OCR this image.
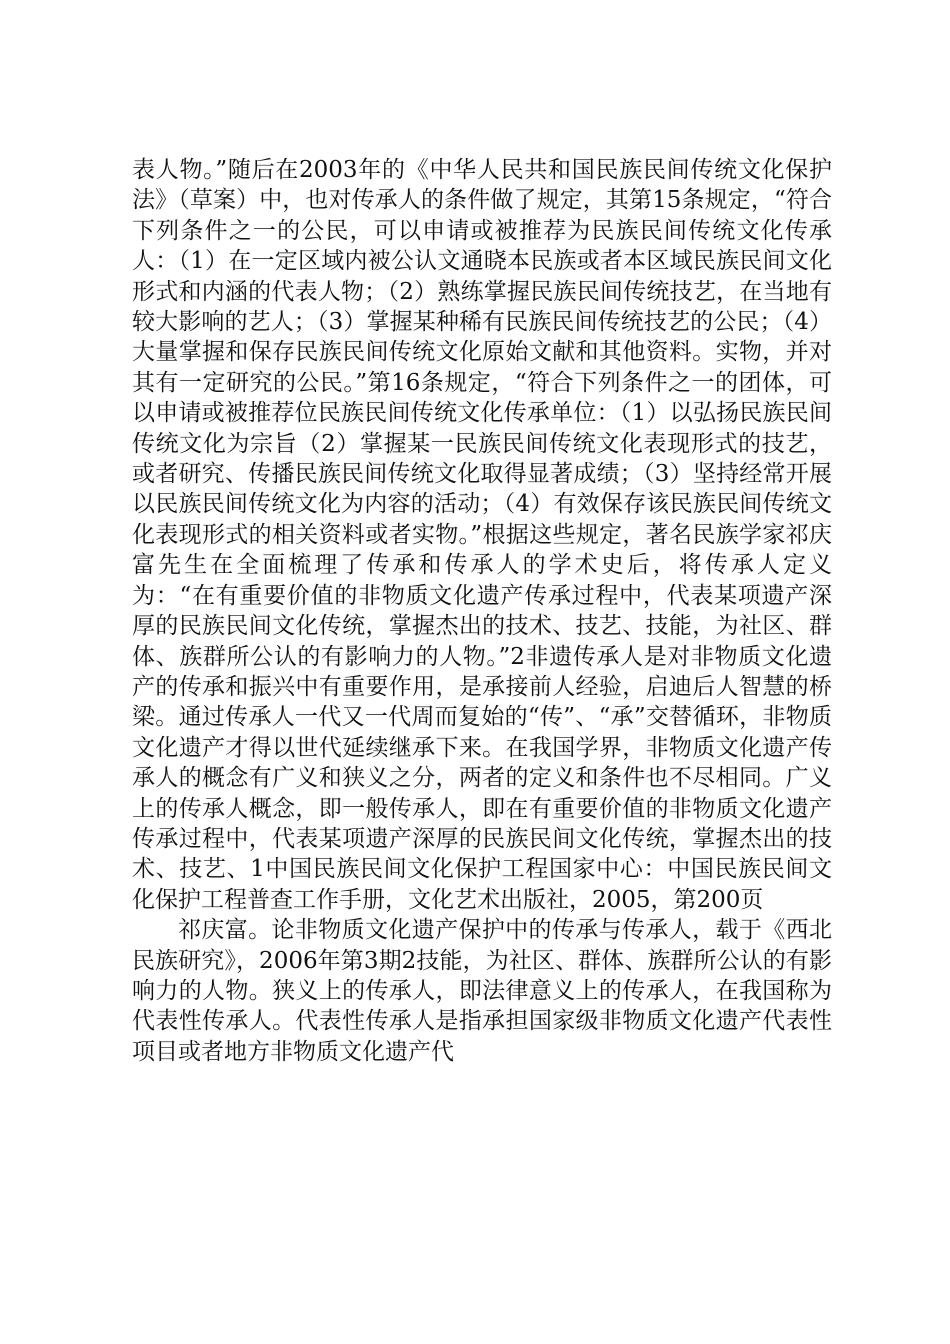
表人物。”随后在2003年的《中华人民共和国民族民间传统文化保护法》（草案）中，也对传承人的条件做了规定，其第15条规定，“符合下列条件之一的公民，可以申请或被推荐为民族民间传统文化传承人：（1）在一定区域内被公认文通晓本民族或者本区域民族民间文化形式和内涵的代表人物；（2）熟练掌握民族民间传统技艺，在当地有较大影响的艺人；（3）掌握某种稀有民族民间传统技艺的公民；（4）大量掌握和保存民族民间传统文化原始文献和其他资料。实物，并对其有一定研究的公民。”第16条规定，“符合下列条件之一的团体，可以申请或被推荐位民族民间传统文化传承单位：（1）以弘扬民族民间传统文化为宗旨（2）掌握某一民族民间传统文化表现形式的技艺，或者研究、传播民族民间传统文化取得显著成绩；（3）坚持经常开展以民族民间传统文化为内容的活动；（4）有效保存该民族民间传统文化表现形式的相关资料或者实物。”根据这些规定，著名民族学家祁庆富先生在全面梳理了传承和传承人的学术史后，将传承人定义为：“在有重要价值的非物质文化遗产传承过程中，代表某项遗产深厚的民族民间文化传统，掌握杰出的技术、技艺、技能，为社区、群体、族群所公认的有影响力的人物。”2非遗传承人是对非物质文化遗产的传承和振兴中有重要作用，是承接前人经验，启迪后人智慧的桥梁。通过传承人一代又一代周而复始的“传”、“承”交替循环，非物质文化遗产才得以世代延续继承下来。在我国学界，非物质文化遗产传承人的概念有广义和狭义之分，两者的定义和条件也不尽相同。广义上的传承人概念，即一般传承人，即在有重要价值的非物质文化遗产传承过程中，代表某项遗产深厚的民族民间文化传统，掌握杰出的技术、技艺、1中国民族民间文化保护工程国家中心：中国民族民间文化保护工程普查工作手册，文化艺术出版社，2005，第200页

祁庆富。论非物质文化遗产保护中的传承与传承人，载于《西北民族研究》，2006年第3期2技能，为社区、群体、族群所公认的有影响力的人物。狭义上的传承人，即法律意义上的传承人，在我国称为代表性传承人。代表性传承人是指承担国家级非物质文化遗产代表性项目或者地方非物质文化遗产代
